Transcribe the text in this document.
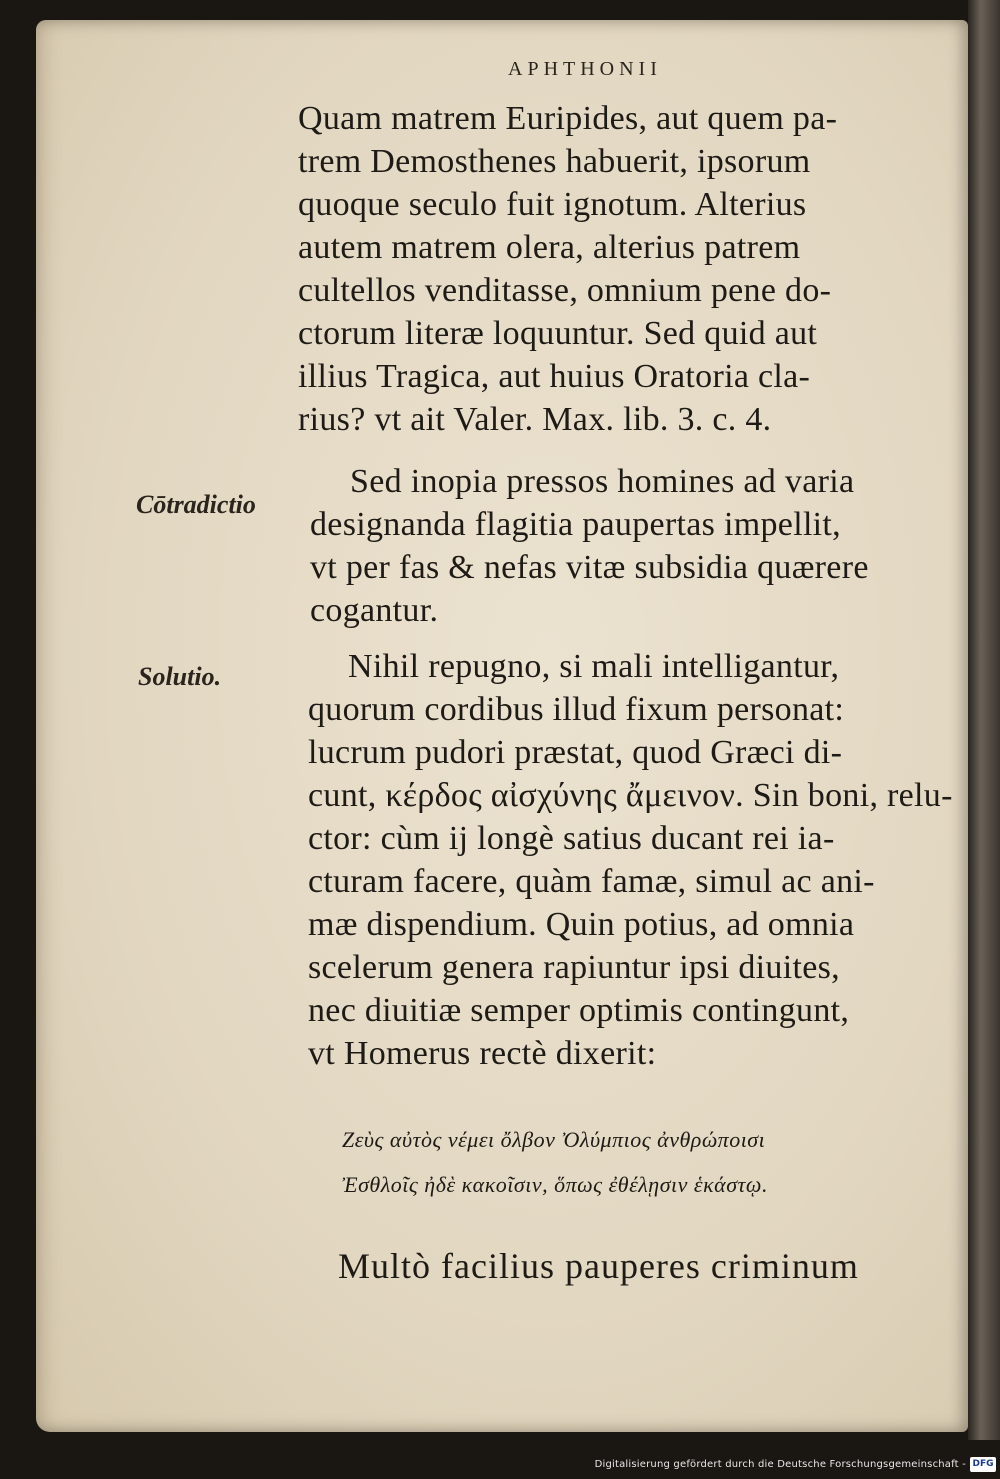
APHTHONII
Quam matrem Euripides, aut quem pa-
trem Demosthenes habuerit, ipsorum
quoque seculo fuit ignotum. Alterius
autem matrem olera, alterius patrem
cultellos venditasse, omnium pene do-
ctorum literæ loquuntur. Sed quid aut
illius Tragica, aut huius Oratoria cla-
rius? vt ait Valer. Max. lib. 3. c. 4.
Cōtradictio
Sed inopia pressos homines ad varia
designanda flagitia paupertas impellit,
vt per fas & nefas vitæ subsidia quærere
cogantur.
Solutio.	Nihil repugno, si mali intelligantur,
quorum cordibus illud fixum personat:
lucrum pudori præstat, quod Græci di-
cunt, κέρδος αἰσχύνης ἄμεινον. Sin boni, relu-
ctor: cùm ij longè satius ducant rei ia-
cturam facere, quàm famæ, simul ac ani-
mæ dispendium. Quin potius, ad omnia
scelerum genera rapiuntur ipsi diuites,
nec diuitiæ semper optimis contingunt,
vt Homerus rectè dixerit:
Ζεὺς αὐτὸς νέμει ὄλβον Ὀλύμπιος ἀνθρώποισι
Ἐσθλοῖς ἠδὲ κακοῖσιν, ὅπως ἐθέλῃσιν ἑκάστῳ.
Multò facilius pauperes criminum
Digitalisierung gefördert durch die Deutsche Forschungsgemeinschaft - DFG
